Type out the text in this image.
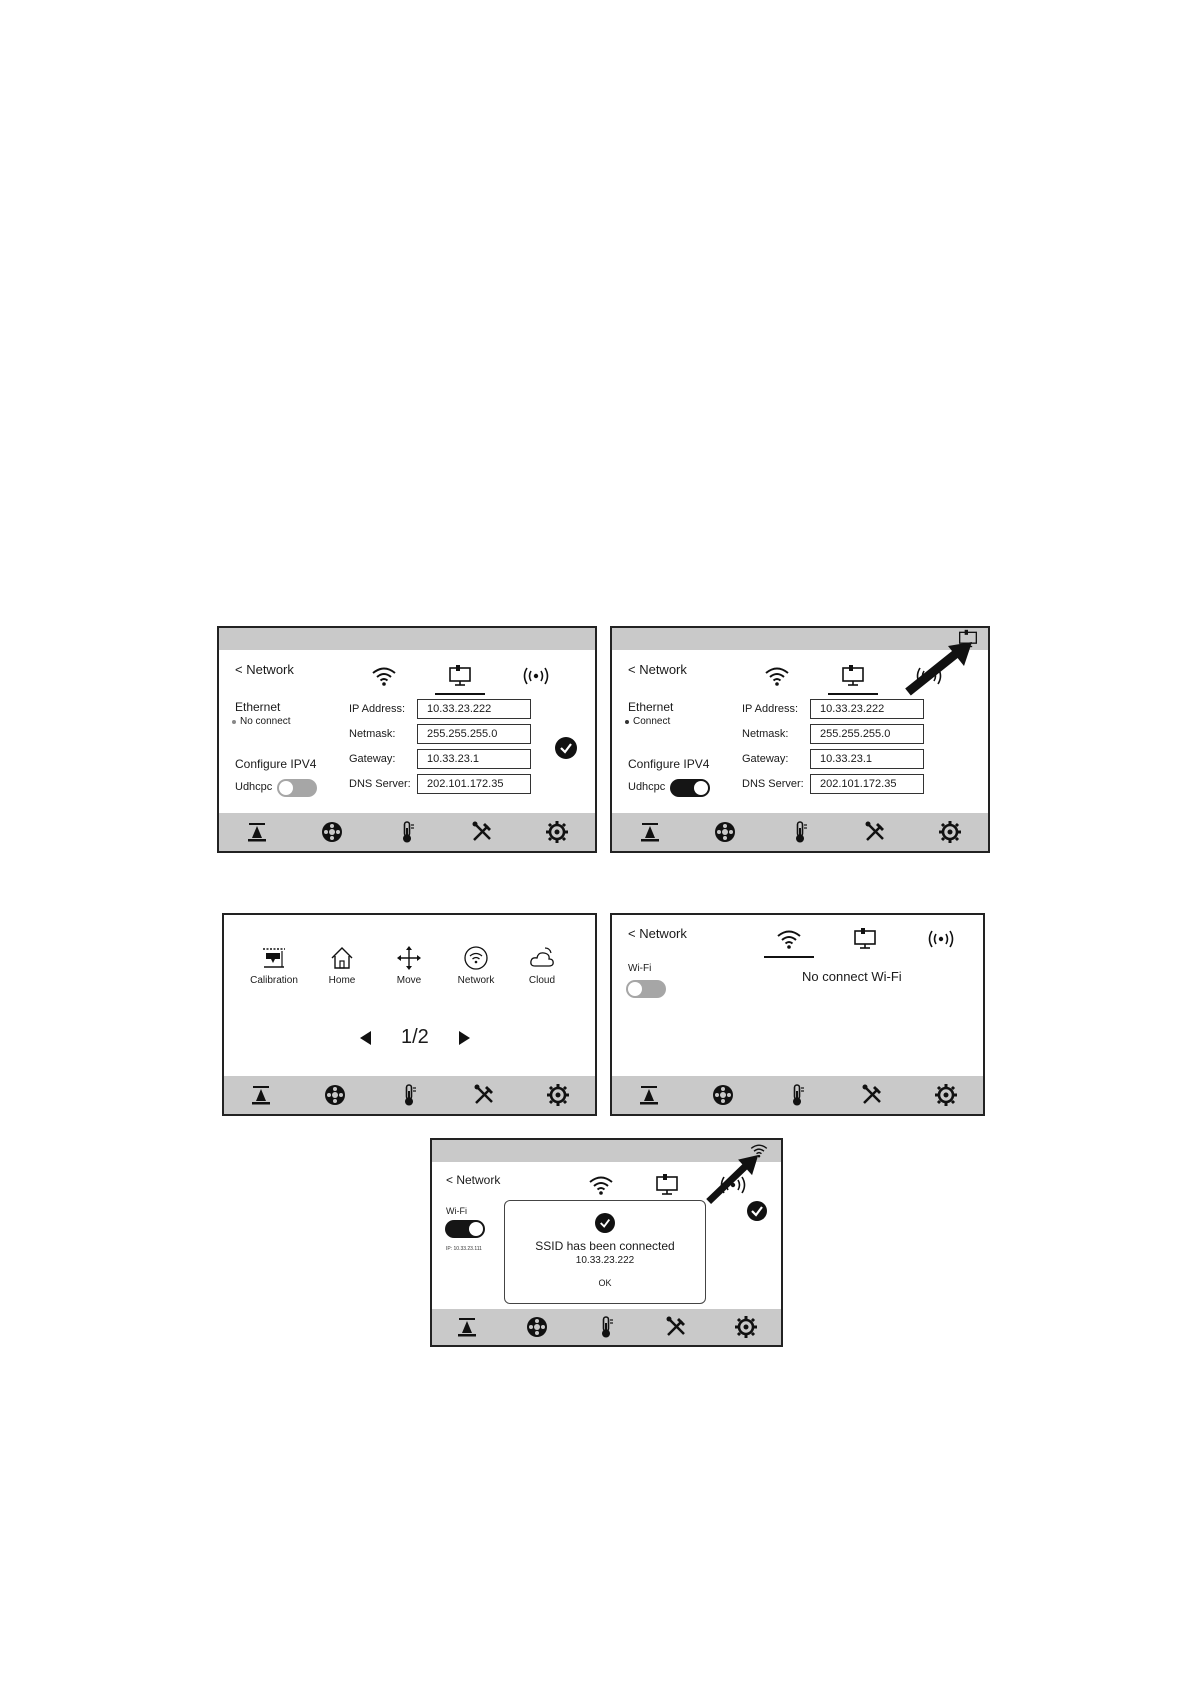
< Network
Ethernet
No connect
Configure IPV4
Udhcpc
IP Address:	10.33.23.222
Netmask:	255.255.255.0
Gateway:	10.33.23.1
DNS Server:	202.101.172.35
< Network
Ethernet
Connect
Configure IPV4
Udhcpc
IP Address:	10.33.23.222
Netmask:	255.255.255.0
Gateway:	10.33.23.1
DNS Server:	202.101.172.35
Calibration	Home	Move	Network	Cloud
1/2
< Network
Wi-Fi
No connect Wi-Fi
< Network
Wi-Fi
IP: 10.33.23.111	SSID has been connected
10.33.23.222
OK
